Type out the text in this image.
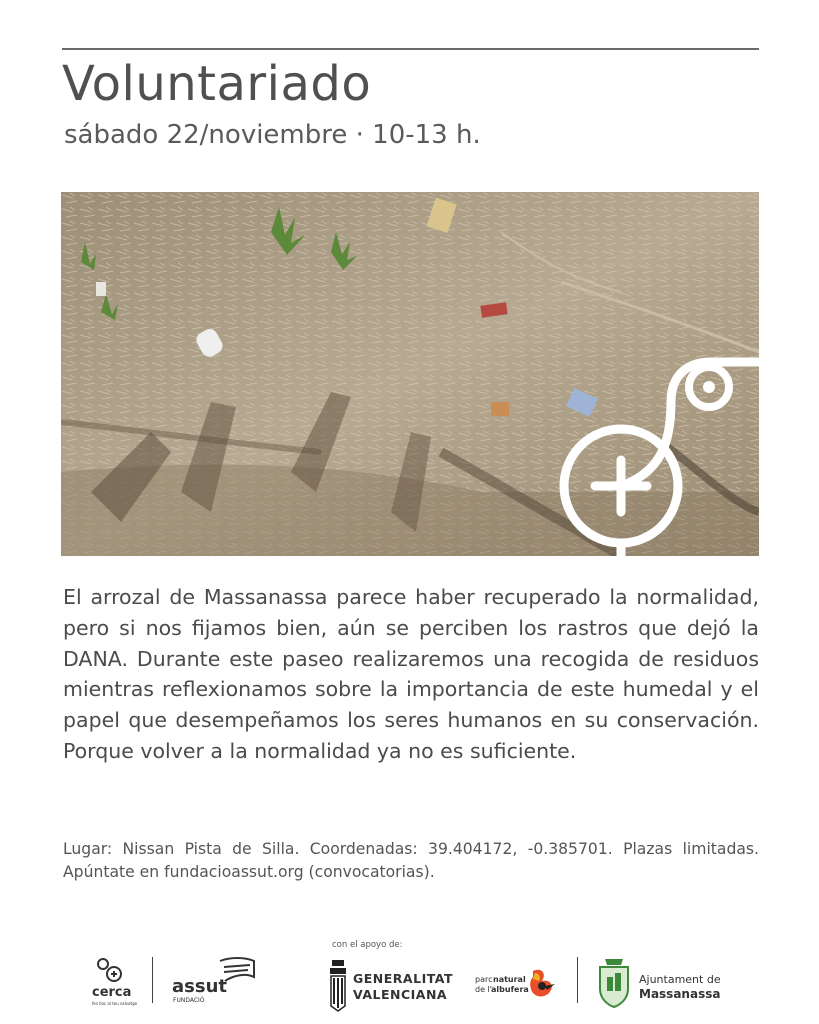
Voluntariado
sábado 22/noviembre · 10-13 h.
El arrozal de Massanassa parece haber recuperado la normalidad, pero si nos fijamos bien, aún se perciben los rastros que dejó la DANA. Durante este paseo realizaremos una recogida de residuos mientras reflexionamos sobre la importancia de este humedal y el papel que desempeñamos los seres humanos en su conservación. Porque volver a la normalidad ya no es suficiente.
Lugar: Nissan Pista de Silla. Coordenadas: 39.404172, -0.385701. Plazas limitadas. Apúntate en fundacioassut.org (convocatorias).
con el apoyo de:
cerca
fes lloc al teu salvatge
assut
FUNDACIÓ
GENERALITAT
VALENCIANA
parc natural
de l' albufera
Ajuntament de
Massanassa
